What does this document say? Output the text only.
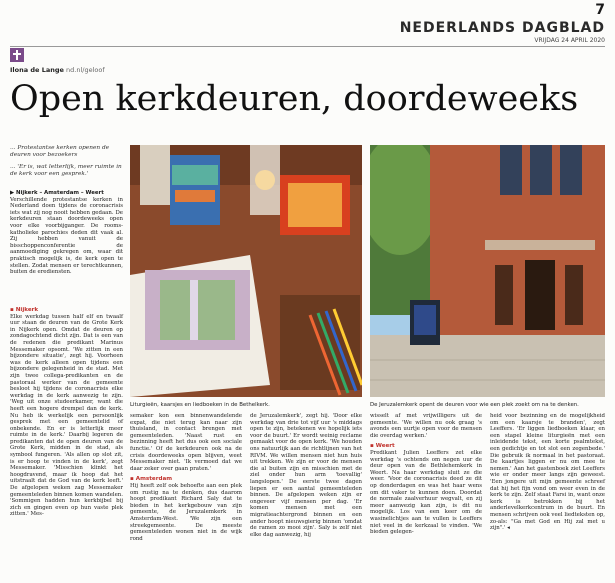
7
NEDERLANDS DAGBLAD
VRIJDAG 24 APRIL 2020
Ilona de Lange nd.nl/geloof
Open kerkdeuren, doordeweeks
... Protestantse kerken openen de deuren voor bezoekers
... 'Er is, wat letterlijk, meer ruimte in de kerk voor een gesprek.'
▶ Nijkerk – Amsterdam – Weert

Verschillende protestantse kerken in Nederland doen tijdens de coronacrisis iets wat zij nog nooit hebben gedaan. De kerkdeuren staan doordeweeks open voor elke voorbijganger. De rooms-katholieke parochies deden dit vaak al. Zij hebben vanuit de bisschoppenconferentie de aanmoediging gekregen om, waar dit praktisch mogelijk is, de kerk open te stellen. Zodat mensen er terechtkunnen, buiten de erediensten.

▪ Nijkerk

Elke werkdag tussen half elf en twaalf uur staan de deuren van de Grote Kerk in Nijkerk open. Omdat de deuren op zondagochtend dicht zijn. Dat is een van de redenen die predikant Marinus Messemaker opsomt. 'We zitten in een bijzondere situatie', zegt hij. Voorheen was de kerk alleen open tijdens een bijzondere gelegenheid in de stad. Met zijn twee collega-predikanten en de pastoraal werker van de gemeente besloot hij tijdens de coronacrisis elke werkdag in de kerk aanwezig te zijn. 'Weg uit onze studeerkamer, want die heeft een hogere drempel dan de kerk. Nu heb ik werkelijk een persoonlijk gesprek met een gemeentelid of onbekende. En er is letterlijk meer ruimte in de kerk.' Daarbij legeren de predikanten dat de open deuren van de Grote Kerk, midden in de stad, als symbool fungeren. 'Als allen op slot zit, is er hoop te vinden in de kerk', zegt Messemaker. 'Misschien klinkt het hoogdravend, maar ik hoop dat het uitstraalt dat de God van de kerk leeft.' De afgelopen weken zag Messemaker gemeenteleden binnen komen wandelen. 'Sommigen hadden hun kerkbijbel bij zich en gingen even op hun vaste plek zitten.' Mes-

Liturgieën, kaarsjes en liedboeken in de Bethelkerk.	De Jeruzalemkerk opent de deuren voor wie een plek zoekt om na te denken.

semaker kon een binnenwandelende expat, die niet terug kan naar zijn thuisland, in contact brengen met gemeenteleden. 'Naast rust en bezinning heeft het dus ook een sociale functie.' Of de kerkdeuren ook na de crisis doordeweeks open blijven, weet Messemaker niet. 'Ik vermoed dat we daar zeker over gaan praten.'

▪ Amsterdam

Hij heeft zelf ook behoefte aan een plek om rustig na te denken, dus daarom hoopt predikant Richard Saly dat te bieden in het kerkgebouw van zijn gemeente, de Jeruzalemkerk in Amsterdam-West. 'We zijn een streekgemeente. De meeste gemeenteleden wonen niet in de wijk rond

de Jeruzalemkerk', zegt hij. 'Door elke werkdag van drie tot vijf uur 's middags open te zijn, betekenen we hopelijk iets voor de buurt.' Er wordt weinig reclame gemaakt voor de open kerk. 'We houden ons natuurlijk aan de richtlijnen van het RIVM. We willen mensen niet hun huis uit trekken. We zijn er voor de mensen die al buiten zijn en misschien met de ziel onder hun arm 'toevallig' langslopen.' De eerste twee dagen liepen er een aantal gemeenteleden binnen. De afgelopen weken zijn er ongeveer vijf mensen per dag. 'Er komen mensen met een migratieachtergrond binnen en een ander hoopt nieuwsgierig binnen 'omdat de ramen zo mooi zijn'. Saly is zelf niet elke dag aanwezig, hij

wisselt af met vrijwilligers uit de gemeente. 'We willen nu ook graag 's avonds een uurtje open voor de mensen die overdag werken.'

▪ Weert

Predikant Julien Leeffers zet elke werkdag 's ochtends om negen uur de deur open van de Bethlehemkerk in Weert. Na haar werkdag sluit ze die weer. 'Voor de coronacrisis deed ze dit op donderdagen en was het haar wens om dit vaker te kunnen doen. Doordat de normale zaalverhuur wegvalt, en zij meer aanwezig kan zijn, is dit nu mogelijk. Los van een keer om de wasinelichtjes aan te vullen is Leeffers niet veel in de kerkzaal te vinden. 'We bieden gelegen-

heid voor bezinning en de mogelijkheid om een kaarsje te branden', zegt Leeffers. 'Er liggen liedboeken klaar, en een stapel kleine liturgieën met een inleidende tekst, een korte psalmtekst, een gedichtje en tot slot een zegenbede.' Die gebruik ik normaal in het pastoraat. De kaartjes liggen er nu om mee te nemen.' Aan het gastenboek ziet Leeffers wie er onder meer langs zijn geweest. 'Een jongere uit mijn gemeente schreef dat hij het fijn vond om weer even in de kerk te zijn. Zelf staat Farsi in, want onze kerk is betrokken bij het anderlevelkerkcentrum in de buurt. En mensen schrijven ook veel liedteksten op, zo-als: "Ga met God en Hij zal met u zijn".' ◂
